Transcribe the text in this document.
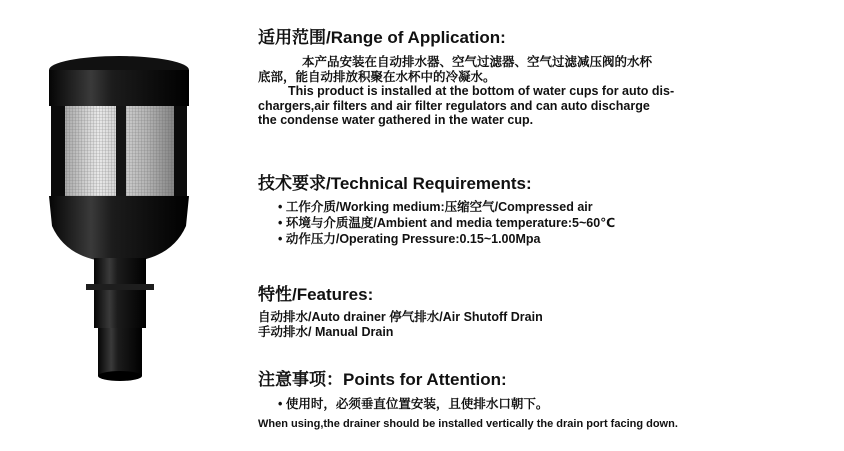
适用范围/Range of Application:
本产品安装在自动排水器、空气过滤器、空气过滤减压阀的水杯
底部，能自动排放积聚在水杯中的冷凝水。
This product is installed at the bottom of water cups for auto dis-
chargers,air filters and air filter regulators and can auto discharge
the condense water gathered in the water cup.
技术要求/Technical Requirements:
• 工作介质/Working medium:压缩空气/Compressed air
• 环境与介质温度/Ambient and media temperature:5~60℃
• 动作压力/Operating Pressure:0.15~1.00Mpa
特性/Features:
自动排水/Auto drainer 停气排水/Air Shutoff Drain
手动排水/ Manual Drain
注意事项：Points for Attention:
• 使用时，必须垂直位置安装，且使排水口朝下。
When using,the drainer should be installed vertically the drain port facing down.
